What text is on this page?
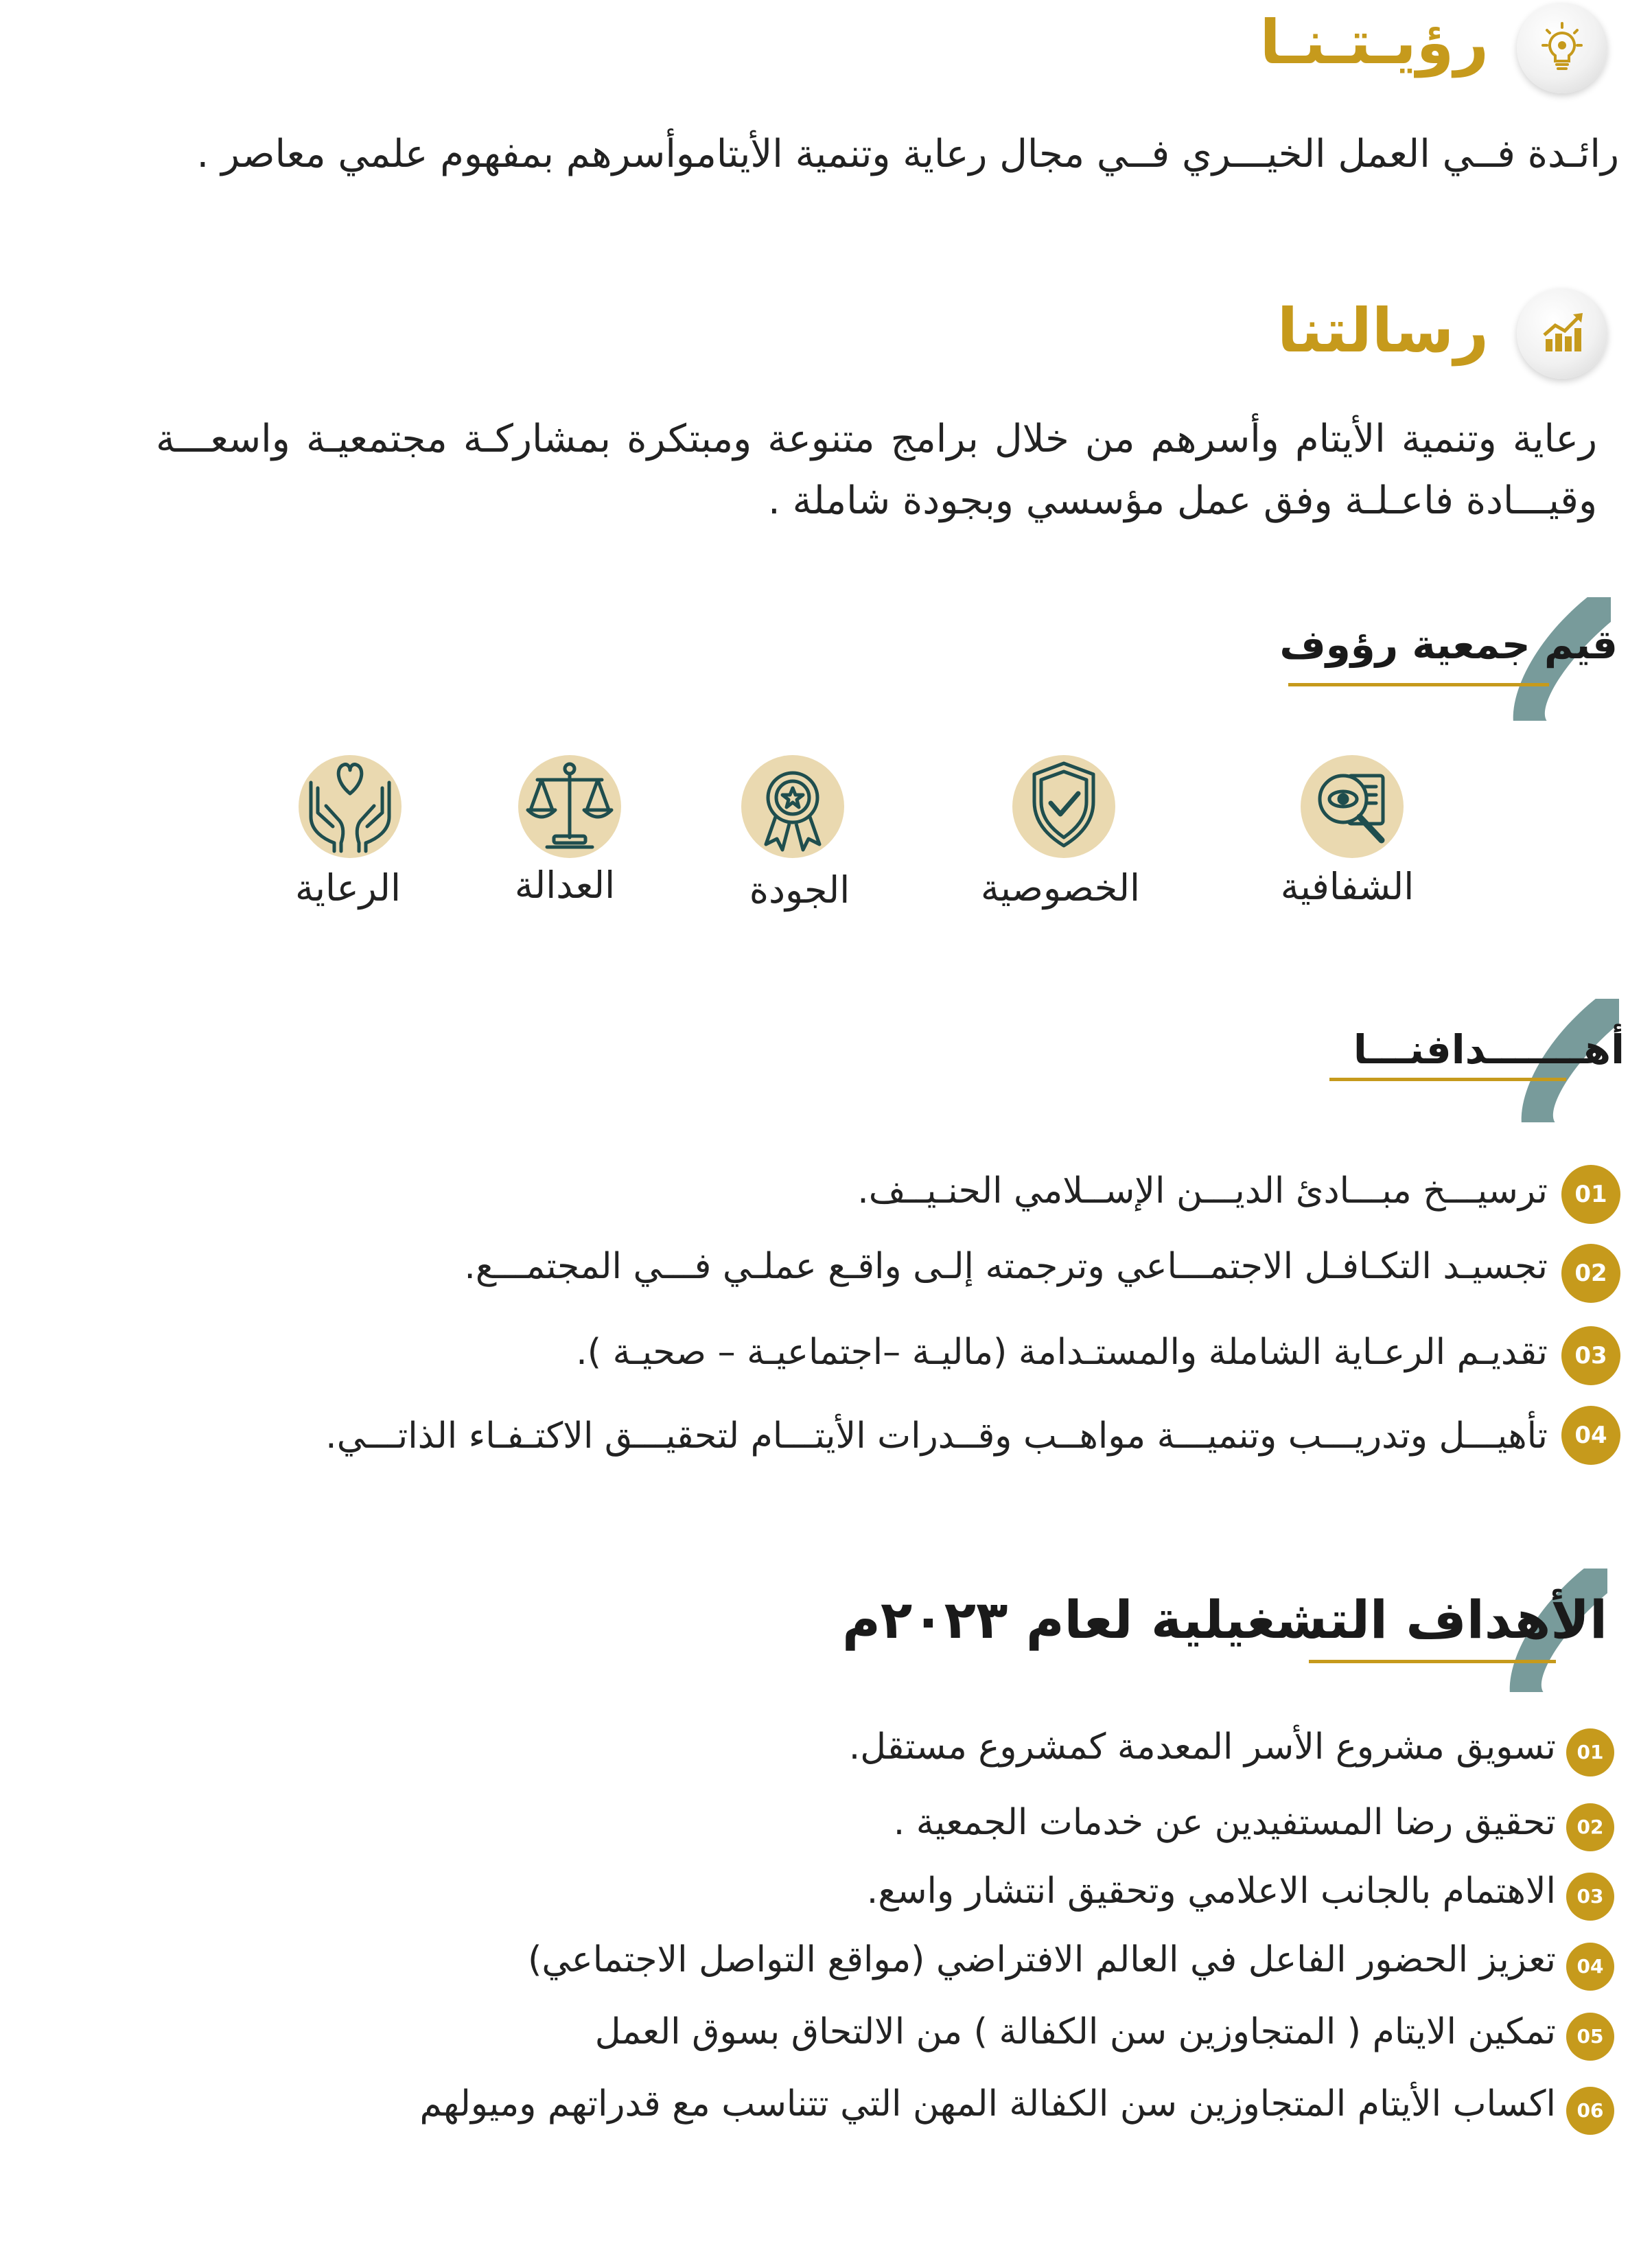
رؤيـتـنـا
رائـدة فــي العمل الخيـــري فــي مجال رعاية وتنمية الأيتاموأسرهم بمفهوم علمي معاصر .
رسالتنا
رعاية وتنمية الأيتام وأسرهم من خلال برامج متنوعة ومبتكرة بمشاركـة مجتمعيـة واسعـــة وقيـــادة فاعـلـة وفق عمل مؤسسي وبجودة شاملة .
قيم جمعية رؤوف
الشفافية
الخصوصية
الجودة
العدالة
الرعاية
أهـــــــدافنـــا
01
ترسيـــخ مبـــادئ الديـــن الإســلامي الحنـيــف.
02
تجسيـد التكـافـل الاجتمـــاعي وترجمته إلـى واقـع عملـي فـــي المجتمـــع.
03
تقديـم الرعـاية الشاملة والمستـدامة (ماليـة –اجتماعيـة – صحيـة ).
04
تأهيـــل وتدريـــب وتنميـــة مواهــب وقــدرات الأيتـــام لتحقيـــق الاكتـفـاء الذاتـــي.
الأهداف التشغيلية لعام ٢٠٢٣م
01
تسويق مشروع الأسر المعدمة كمشروع مستقل.
02
تحقيق رضا المستفيدين عن خدمات الجمعية .
03
الاهتمام بالجانب الاعلامي وتحقيق انتشار واسع.
04
تعزيز الحضور الفاعل في العالم الافتراضي (مواقع التواصل الاجتماعي)
05
تمكين الايتام ( المتجاوزين سن الكفالة ) من الالتحاق بسوق العمل
06
اكساب الأيتام المتجاوزين سن الكفالة المهن التي تتناسب مع قدراتهم وميولهم
